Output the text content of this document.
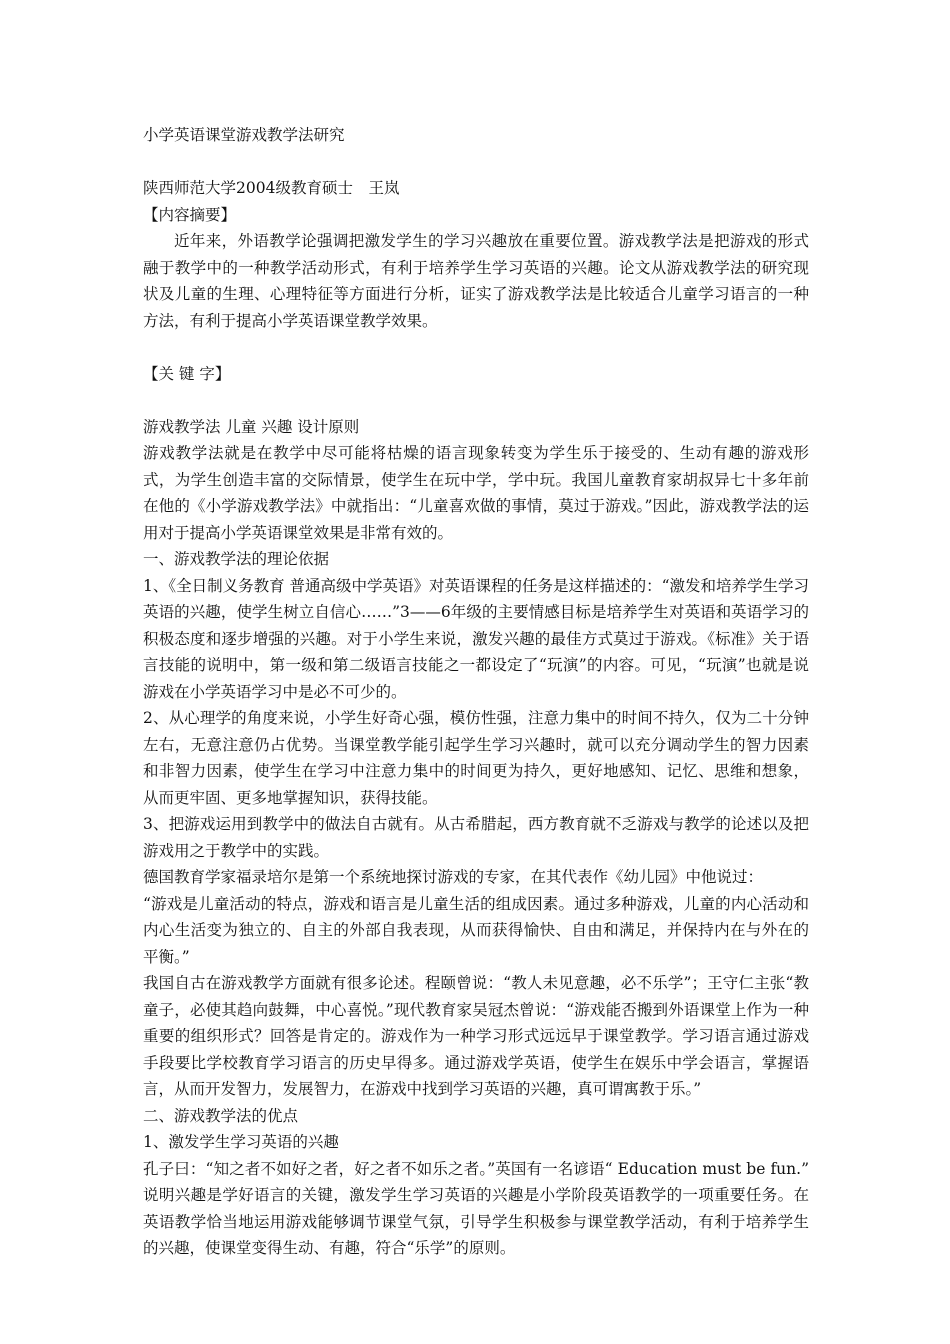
小学英语课堂游戏教学法研究

陕西师范大学2004级教育硕士　王岚

【内容摘要】

近年来，外语教学论强调把激发学生的学习兴趣放在重要位置。游戏教学法是把游戏的形式融于教学中的一种教学活动形式，有利于培养学生学习英语的兴趣。论文从游戏教学法的研究现状及儿童的生理、心理特征等方面进行分析，证实了游戏教学法是比较适合儿童学习语言的一种方法，有利于提高小学英语课堂教学效果。

【关 键 字】

游戏教学法 儿童 兴趣 设计原则

游戏教学法就是在教学中尽可能将枯燥的语言现象转变为学生乐于接受的、生动有趣的游戏形式，为学生创造丰富的交际情景，使学生在玩中学，学中玩。我国儿童教育家胡叔异七十多年前在他的《小学游戏教学法》中就指出：“儿童喜欢做的事情，莫过于游戏。”因此，游戏教学法的运用对于提高小学英语课堂效果是非常有效的。

一、游戏教学法的理论依据

1、《全日制义务教育 普通高级中学英语》对英语课程的任务是这样描述的：“激发和培养学生学习英语的兴趣，使学生树立自信心……”3——6年级的主要情感目标是培养学生对英语和英语学习的积极态度和逐步增强的兴趣。对于小学生来说，激发兴趣的最佳方式莫过于游戏。《标准》关于语言技能的说明中，第一级和第二级语言技能之一都设定了“玩演”的内容。可见，“玩演”也就是说游戏在小学英语学习中是必不可少的。

2、从心理学的角度来说，小学生好奇心强，模仿性强，注意力集中的时间不持久，仅为二十分钟左右，无意注意仍占优势。当课堂教学能引起学生学习兴趣时，就可以充分调动学生的智力因素和非智力因素，使学生在学习中注意力集中的时间更为持久，更好地感知、记忆、思维和想象，从而更牢固、更多地掌握知识，获得技能。

3、把游戏运用到教学中的做法自古就有。从古希腊起，西方教育就不乏游戏与教学的论述以及把游戏用之于教学中的实践。

德国教育学家福录培尔是第一个系统地探讨游戏的专家，在其代表作《幼儿园》中他说过：

“游戏是儿童活动的特点，游戏和语言是儿童生活的组成因素。通过多种游戏，儿童的内心活动和内心生活变为独立的、自主的外部自我表现，从而获得愉快、自由和满足，并保持内在与外在的平衡。”

我国自古在游戏教学方面就有很多论述。程颐曾说：“教人未见意趣，必不乐学”；王守仁主张“教童子，必使其趋向鼓舞，中心喜悦。”现代教育家吴冠杰曾说：“游戏能否搬到外语课堂上作为一种重要的组织形式？回答是肯定的。游戏作为一种学习形式远远早于课堂教学。学习语言通过游戏手段要比学校教育学习语言的历史早得多。通过游戏学英语，使学生在娱乐中学会语言，掌握语言，从而开发智力，发展智力，在游戏中找到学习英语的兴趣，真可谓寓教于乐。”

二、游戏教学法的优点

1、激发学生学习英语的兴趣

孔子曰：“知之者不如好之者，好之者不如乐之者。”英国有一名谚语“ Education must be fun.” 说明兴趣是学好语言的关键，激发学生学习英语的兴趣是小学阶段英语教学的一项重要任务。在英语教学恰当地运用游戏能够调节课堂气氛，引导学生积极参与课堂教学活动，有利于培养学生的兴趣，使课堂变得生动、有趣，符合“乐学”的原则。
